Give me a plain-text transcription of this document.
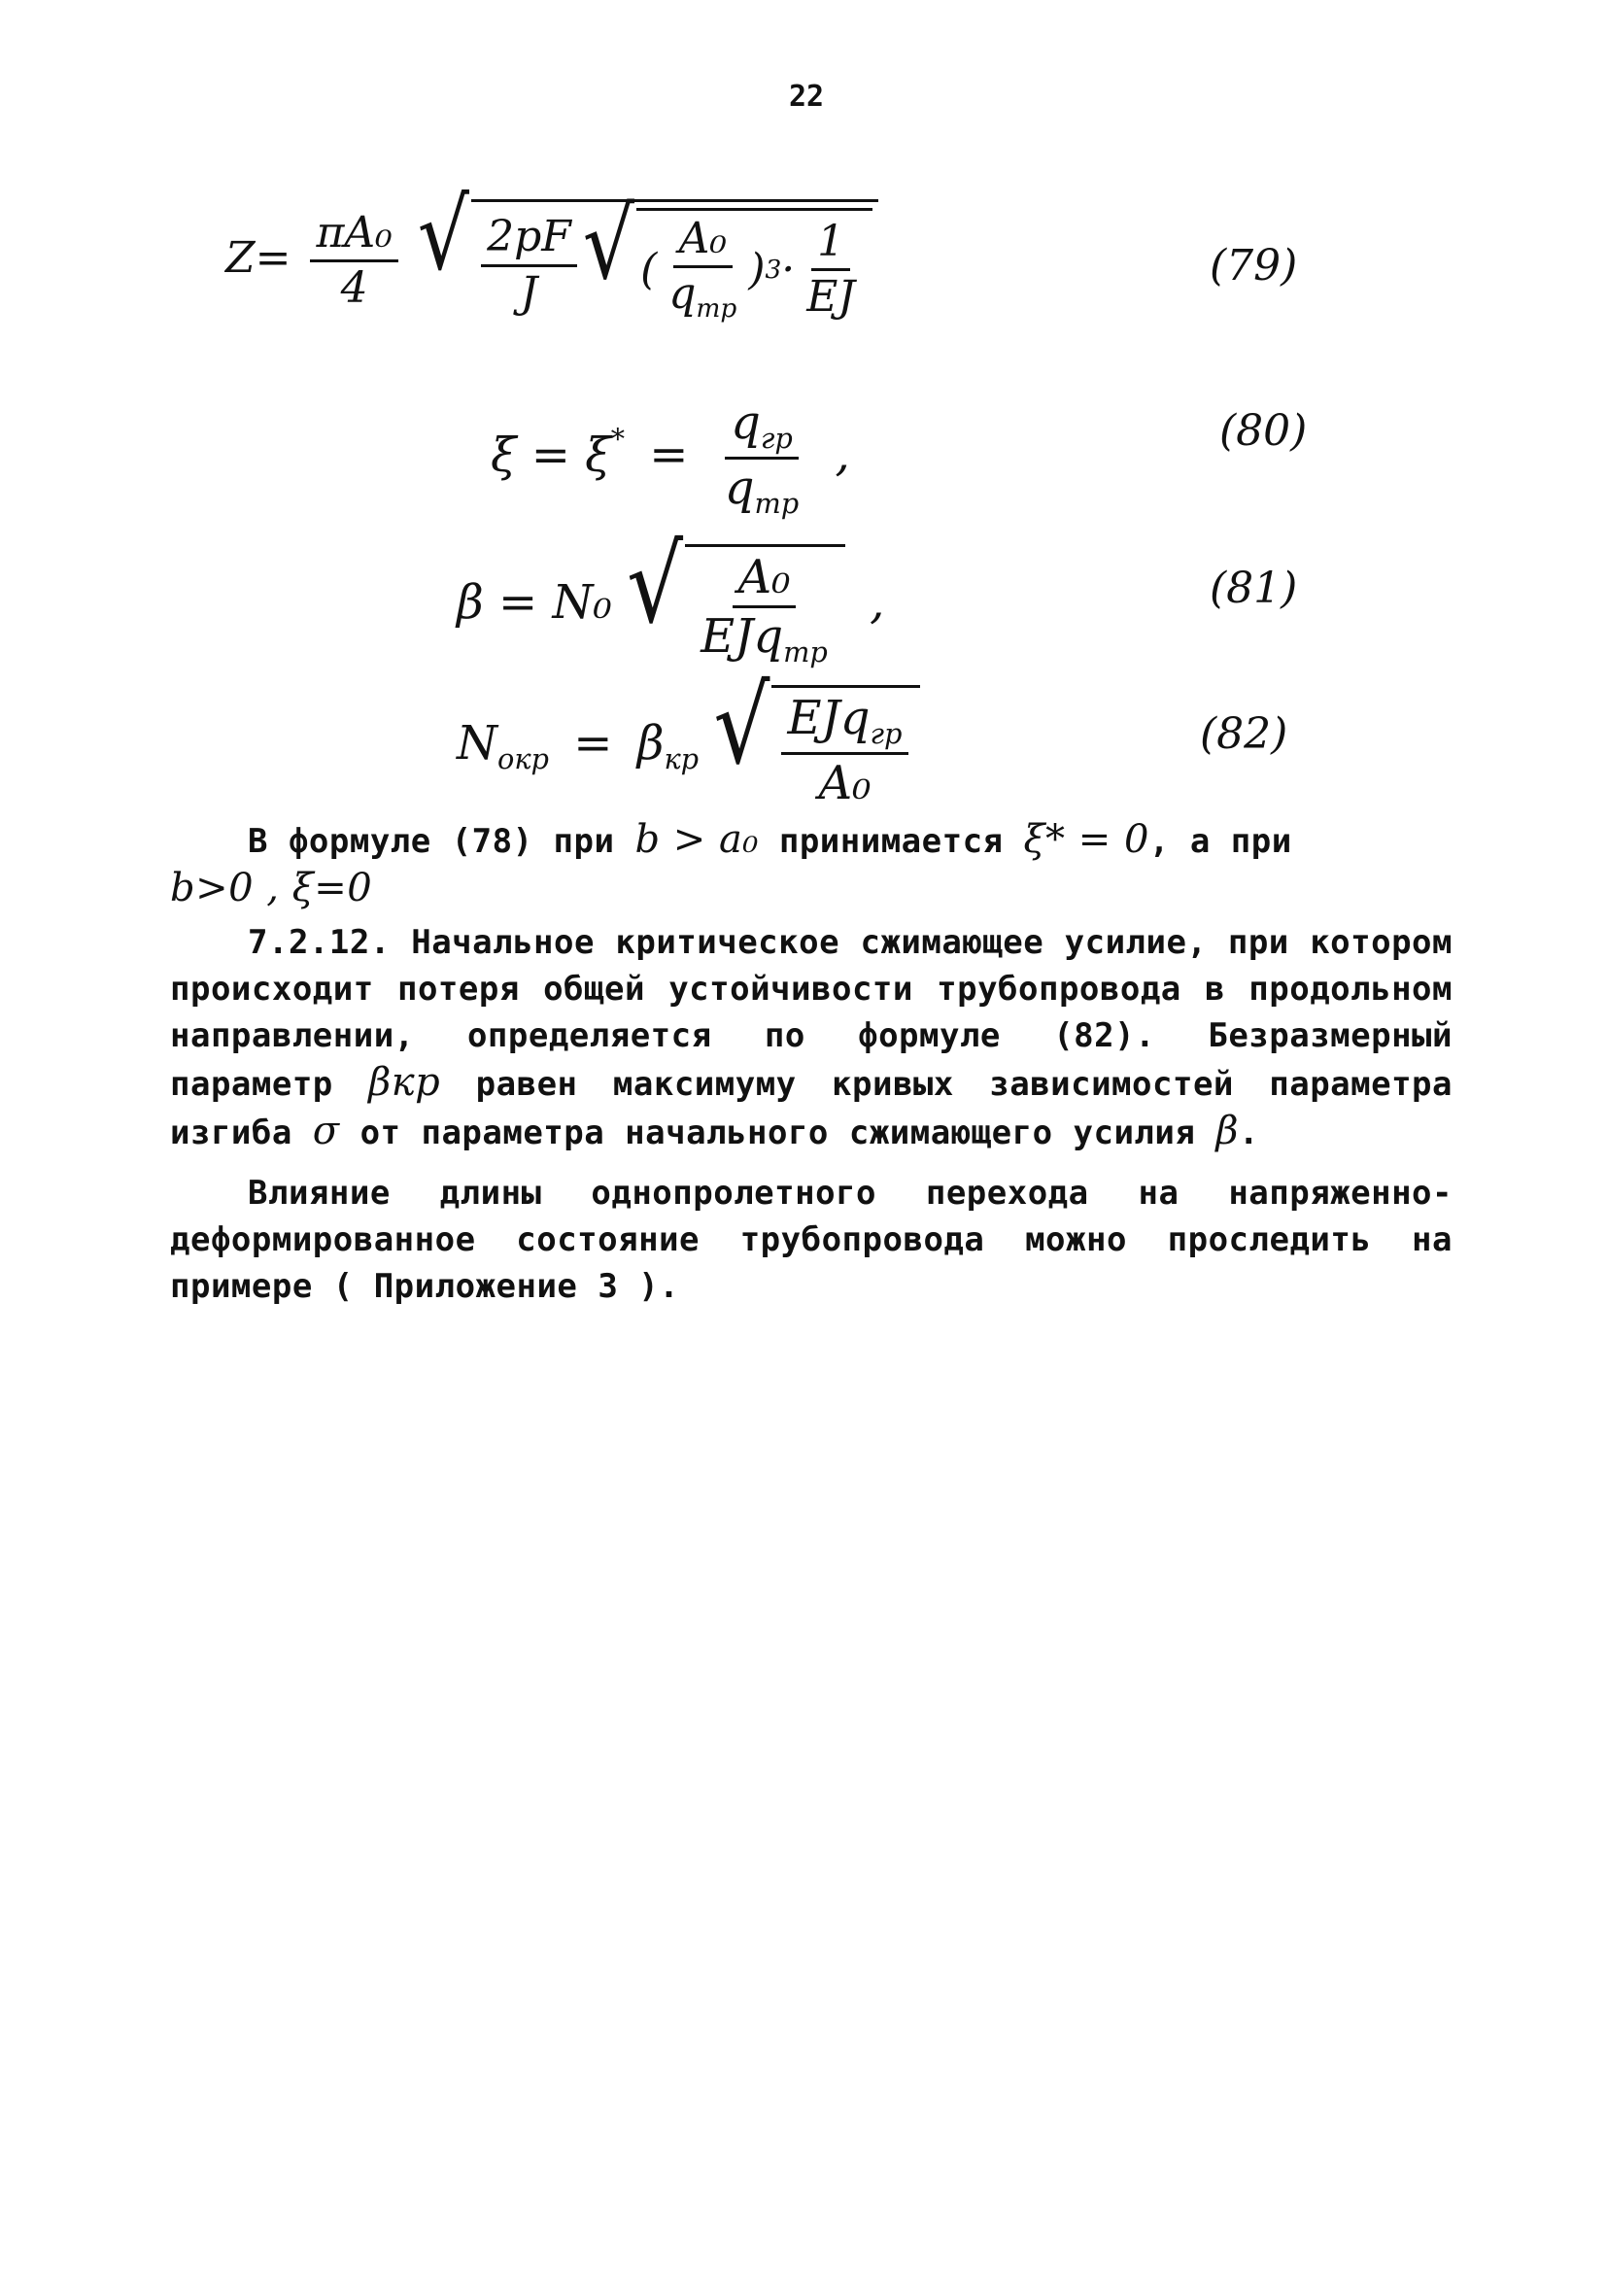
22
$Z= \frac{\text{πA₀}}{4}$
√ $\frac{2pF}{J}$ √ ( $\frac{\text{A₀}}{q_{тр}}$ ) $3 \cdot \frac{1}{EJ}$	(79)
$\xi = \xi^* = \frac{q_{гр}}{q_{тр}}$ ,	(80)
β = N₀ √ $\frac{\text{A₀}}{EJq_{тр}}$ ,	(81)
$N_{окр} = \beta_{кр}$ √ $\frac{EJq_{гр}}{\text{A₀}}$	(82)

В формуле (78) при b > a₀ принимается ξ* = 0, а при

b>0 , ξ=0

7.2.12. Начальное критическое сжимающее усилие, при котором происходит потеря общей устойчивости трубопровода в продольном направлении, определяется по формуле (82). Безразмерный параметр βкр равен максимуму кривых зависимостей параметра изгиба σ от параметра начального сжимающего усилия β.

Влияние длины однопролетного перехода на напряженно-деформированное состояние трубопровода можно проследить на примере ( Приложение 3 ).
